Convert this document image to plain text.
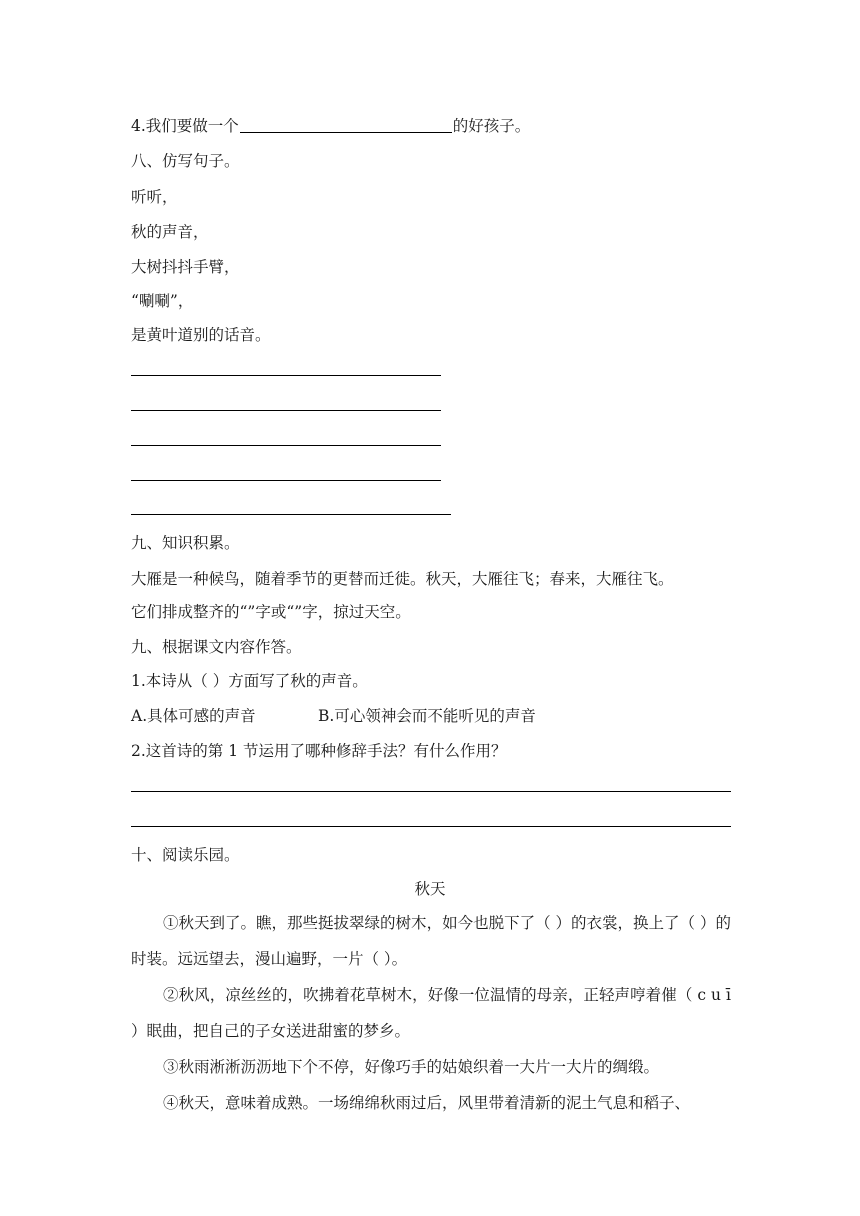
4.我们要做一个	的好孩子。
八、仿写句子。
听听，
秋的声音，
大树抖抖手臂，
“唰唰”，
是黄叶道别的话音。
九、知识积累。
大雁是一种候鸟，随着季节的更替而迁徙。秋天，大雁往飞；春来，大雁往飞。
它们排成整齐的“”字或“”字，掠过天空。
九、根据课文内容作答。
1.本诗从（ ）方面写了秋的声音。
A.具体可感的声音	B.可心领神会而不能听见的声音
2.这首诗的第 1 节运用了哪种修辞手法？有什么作用？
十、阅读乐园。
秋天

①秋天到了。瞧，那些挺拔翠绿的树木，如今也脱下了（ ）的衣裳，换上了（ ）的时装。远远望去，漫山遍野，一片（ ）。

②秋风，凉丝丝的，吹拂着花草树木，好像一位温情的母亲，正轻声哼着催（ c u ī ）眠曲，把自己的子女送进甜蜜的梦乡。

③秋雨淅淅沥沥地下个不停，好像巧手的姑娘织着一大片一大片的绸缎。

④秋天，意味着成熟。一场绵绵秋雨过后，风里带着清新的泥土气息和稻子、
